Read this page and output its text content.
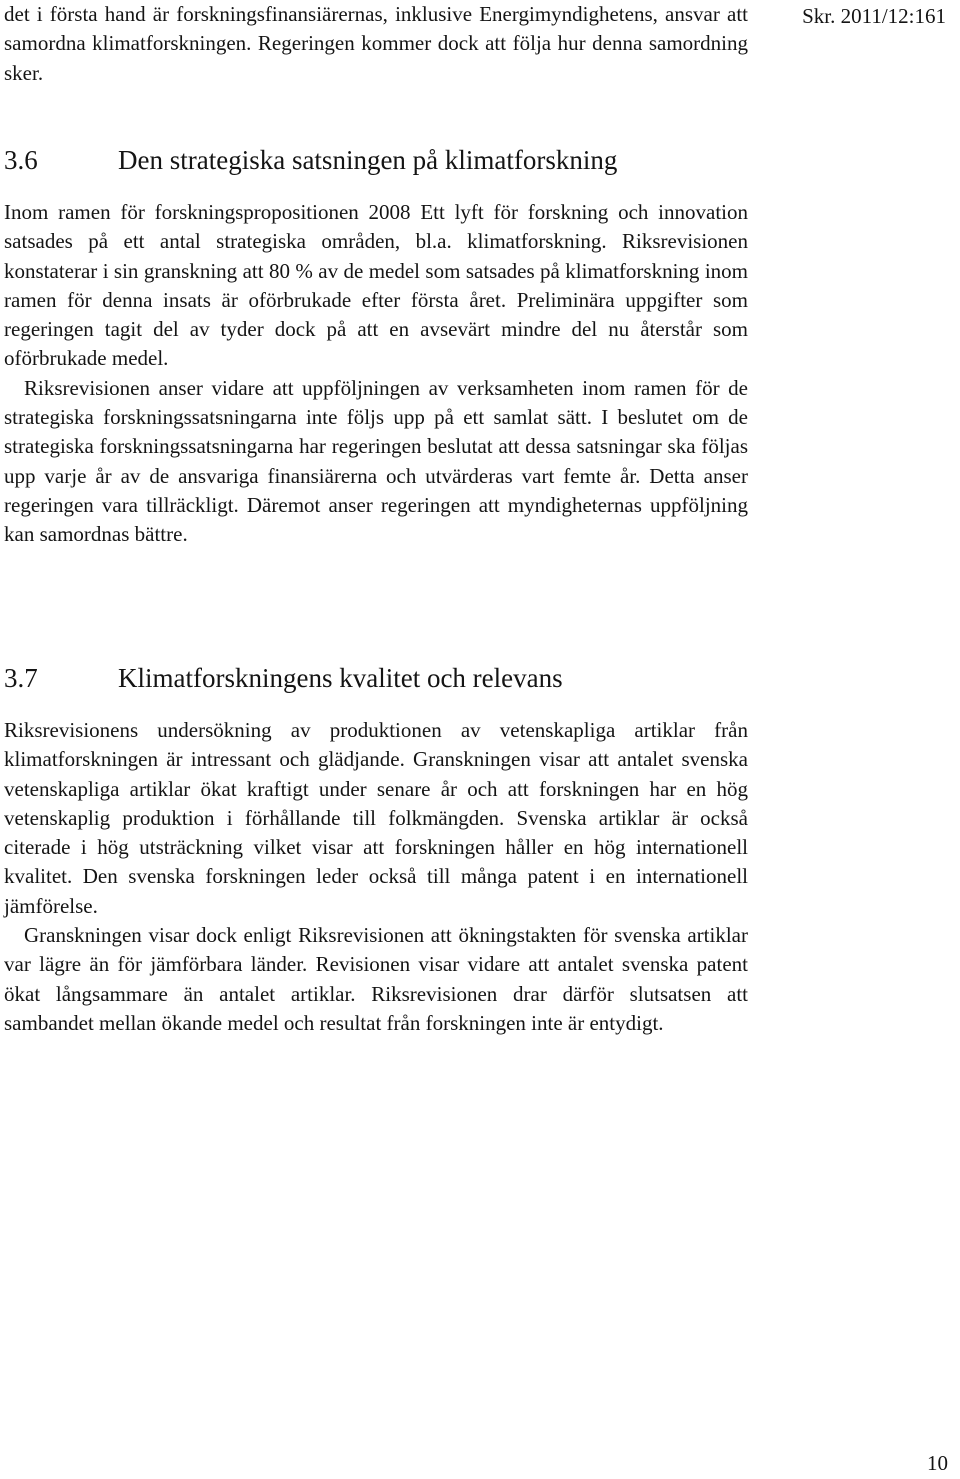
Skr. 2011/12:161

det i första hand är forskningsfinansiärernas, inklusive Energimyndighetens, ansvar att samordna klimatforskningen. Regeringen kommer dock att följa hur denna samordning sker.

3.6	Den strategiska satsningen på klimatforskning

Inom ramen för forskningspropositionen 2008 Ett lyft för forskning och innovation satsades på ett antal strategiska områden, bl.a. klimatforskning. Riksrevisionen konstaterar i sin granskning att 80 % av de medel som satsades på klimatforskning inom ramen för denna insats är oförbrukade efter första året. Preliminära uppgifter som regeringen tagit del av tyder dock på att en avsevärt mindre del nu återstår som oförbrukade medel.

Riksrevisionen anser vidare att uppföljningen av verksamheten inom ramen för de strategiska forskningssatsningarna inte följs upp på ett samlat sätt. I beslutet om de strategiska forskningssatsningarna har regeringen beslutat att dessa satsningar ska följas upp varje år av de ansvariga finansiärerna och utvärderas vart femte år. Detta anser regeringen vara tillräckligt. Däremot anser regeringen att myndigheternas uppföljning kan samordnas bättre.

3.7	Klimatforskningens kvalitet och relevans

Riksrevisionens undersökning av produktionen av vetenskapliga artiklar från klimatforskningen är intressant och glädjande. Granskningen visar att antalet svenska vetenskapliga artiklar ökat kraftigt under senare år och att forskningen har en hög vetenskaplig produktion i förhållande till folkmängden. Svenska artiklar är också citerade i hög utsträckning vilket visar att forskningen håller en hög internationell kvalitet. Den svenska forskningen leder också till många patent i en internationell jämförelse.

Granskningen visar dock enligt Riksrevisionen att ökningstakten för svenska artiklar var lägre än för jämförbara länder. Revisionen visar vidare att antalet svenska patent ökat långsammare än antalet artiklar. Riksrevisionen drar därför slutsatsen att sambandet mellan ökande medel och resultat från forskningen inte är entydigt.

10
